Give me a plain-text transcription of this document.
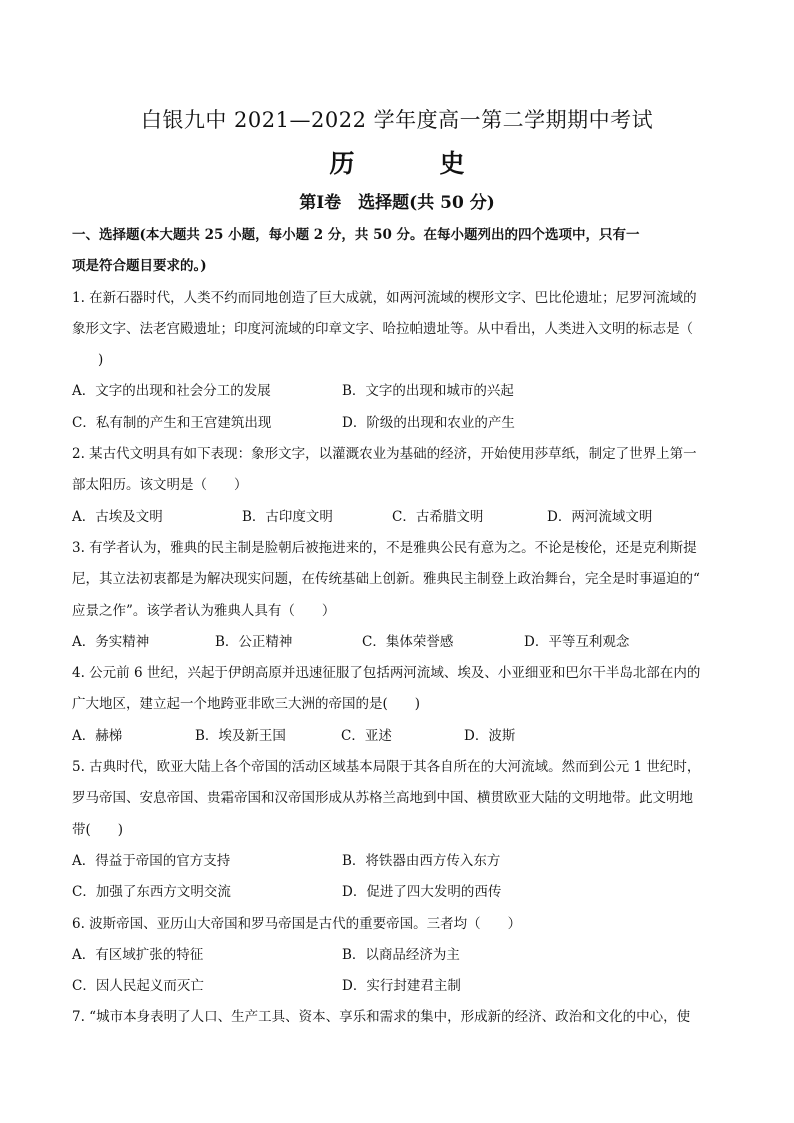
白银九中 2021—2022 学年度高一第二学期期中考试
历　史
第Ⅰ卷　选择题(共 50 分)
一、选择题(本大题共 25 小题，每小题 2 分，共 50 分。在每小题列出的四个选项中，只有一
项是符合题目要求的。)
1. 在新石器时代，人类不约而同地创造了巨大成就，如两河流域的楔形文字、巴比伦遗址；尼罗河流域的
象形文字、法老宫殿遗址；印度河流域的印章文字、哈拉帕遗址等。从中看出，人类进入文明的标志是（
)
A．文字的出现和社会分工的发展	B．文字的出现和城市的兴起
C．私有制的产生和王宫建筑出现	D．阶级的出现和农业的产生
2. 某古代文明具有如下表现：象形文字，以灌溉农业为基础的经济，开始使用莎草纸，制定了世界上第一
部太阳历。该文明是（　　）
A．古埃及文明	B．古印度文明	C．古希腊文明	D．两河流域文明
3. 有学者认为，雅典的民主制是脸朝后被拖进来的，不是雅典公民有意为之。不论是梭伦，还是克利斯提
尼，其立法初衷都是为解决现实问题，在传统基础上创新。雅典民主制登上政治舞台，完全是时事逼迫的“
应景之作”。该学者认为雅典人具有（　　）
A．务实精神	B．公正精神	C．集体荣誉感	D．平等互利观念
4. 公元前 6 世纪，兴起于伊朗高原并迅速征服了包括两河流域、埃及、小亚细亚和巴尔干半岛北部在内的
广大地区，建立起一个地跨亚非欧三大洲的帝国的是(　　)
A．赫梯	B．埃及新王国	C．亚述	D．波斯
5. 古典时代，欧亚大陆上各个帝国的活动区域基本局限于其各自所在的大河流域。然而到公元 1 世纪时，
罗马帝国、安息帝国、贵霜帝国和汉帝国形成从苏格兰高地到中国、横贯欧亚大陆的文明地带。此文明地
带(　　)
A．得益于帝国的官方支持	B．将铁器由西方传入东方
C．加强了东西方文明交流	D．促进了四大发明的西传
6. 波斯帝国、亚历山大帝国和罗马帝国是古代的重要帝国。三者均（　　）
A．有区域扩张的特征	B．以商品经济为主
C．因人民起义而灭亡	D．实行封建君主制
7. “城市本身表明了人口、生产工具、资本、享乐和需求的集中，形成新的经济、政治和文化的中心，使
